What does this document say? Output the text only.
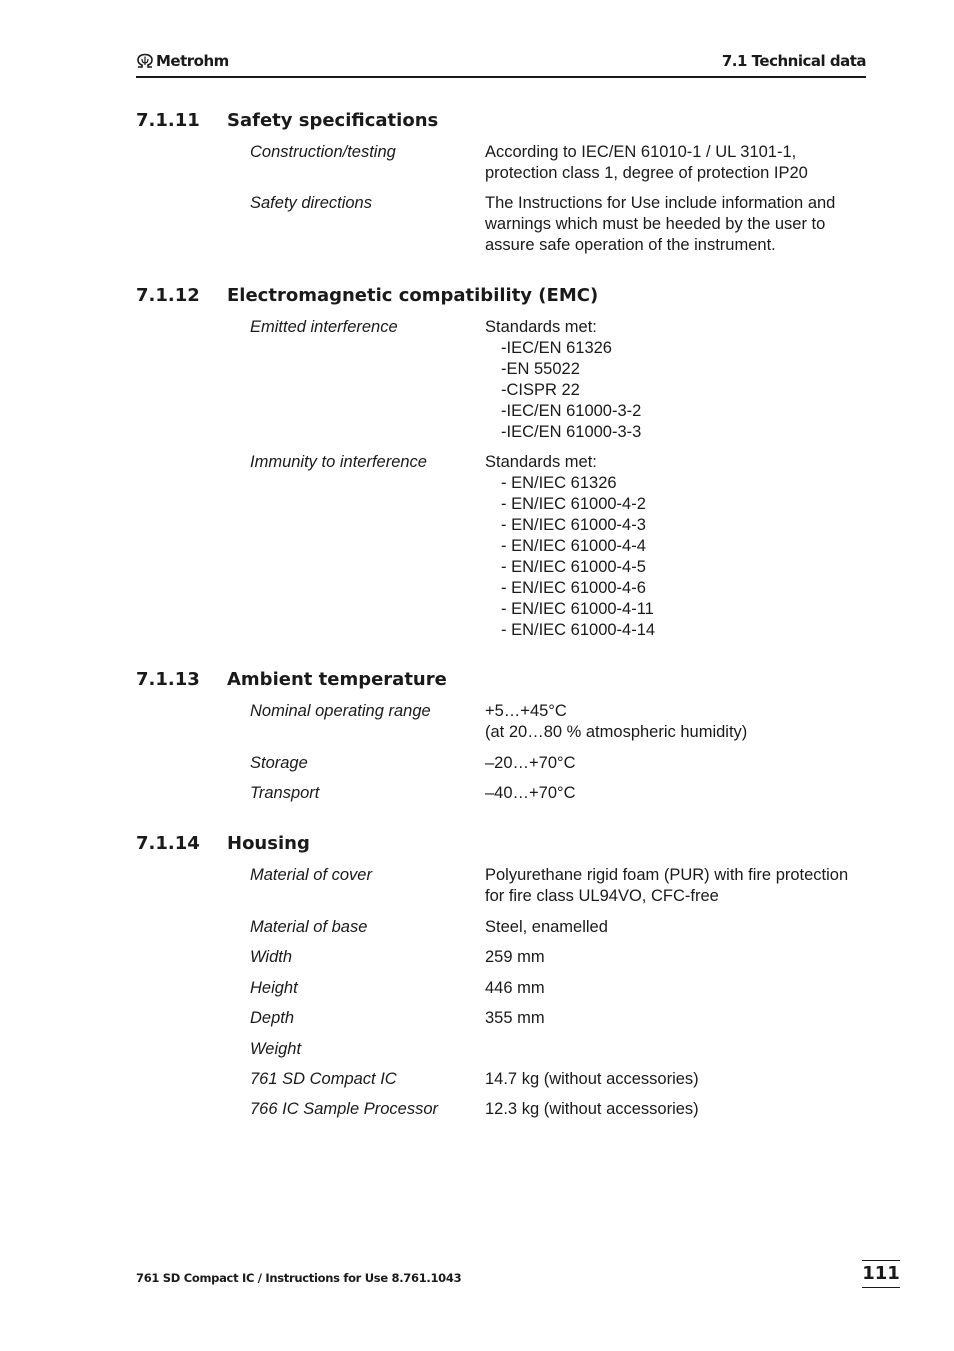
Metrohm	7.1 Technical data
7.1.11 Safety specifications
Construction/testing	According to IEC/EN 61010-1 / UL 3101-1,
protection class 1, degree of protection IP20
Safety directions	The Instructions for Use include information and
warnings which must be heeded by the user to
assure safe operation of the instrument.
7.1.12 Electromagnetic compatibility (EMC)
Emitted interference	Standards met:
-IEC/EN 61326
-EN 55022
-CISPR 22
-IEC/EN 61000-3-2
-IEC/EN 61000-3-3
Immunity to interference	Standards met:
- EN/IEC 61326
- EN/IEC 61000-4-2
- EN/IEC 61000-4-3
- EN/IEC 61000-4-4
- EN/IEC 61000-4-5
- EN/IEC 61000-4-6
- EN/IEC 61000-4-11
- EN/IEC 61000-4-14
7.1.13 Ambient temperature
Nominal operating range	+5…+45°C
(at 20…80 % atmospheric humidity)
Storage	–20…+70°C
Transport	–40…+70°C
7.1.14 Housing
Material of cover	Polyurethane rigid foam (PUR) with fire protection
for fire class UL94VO, CFC-free
Material of base	Steel, enamelled
Width	259 mm
Height	446 mm
Depth	355 mm
Weight
761 SD Compact IC	14.7 kg (without accessories)
766 IC Sample Processor	12.3 kg (without accessories)
761 SD Compact IC / Instructions for Use 8.761.1043	111
